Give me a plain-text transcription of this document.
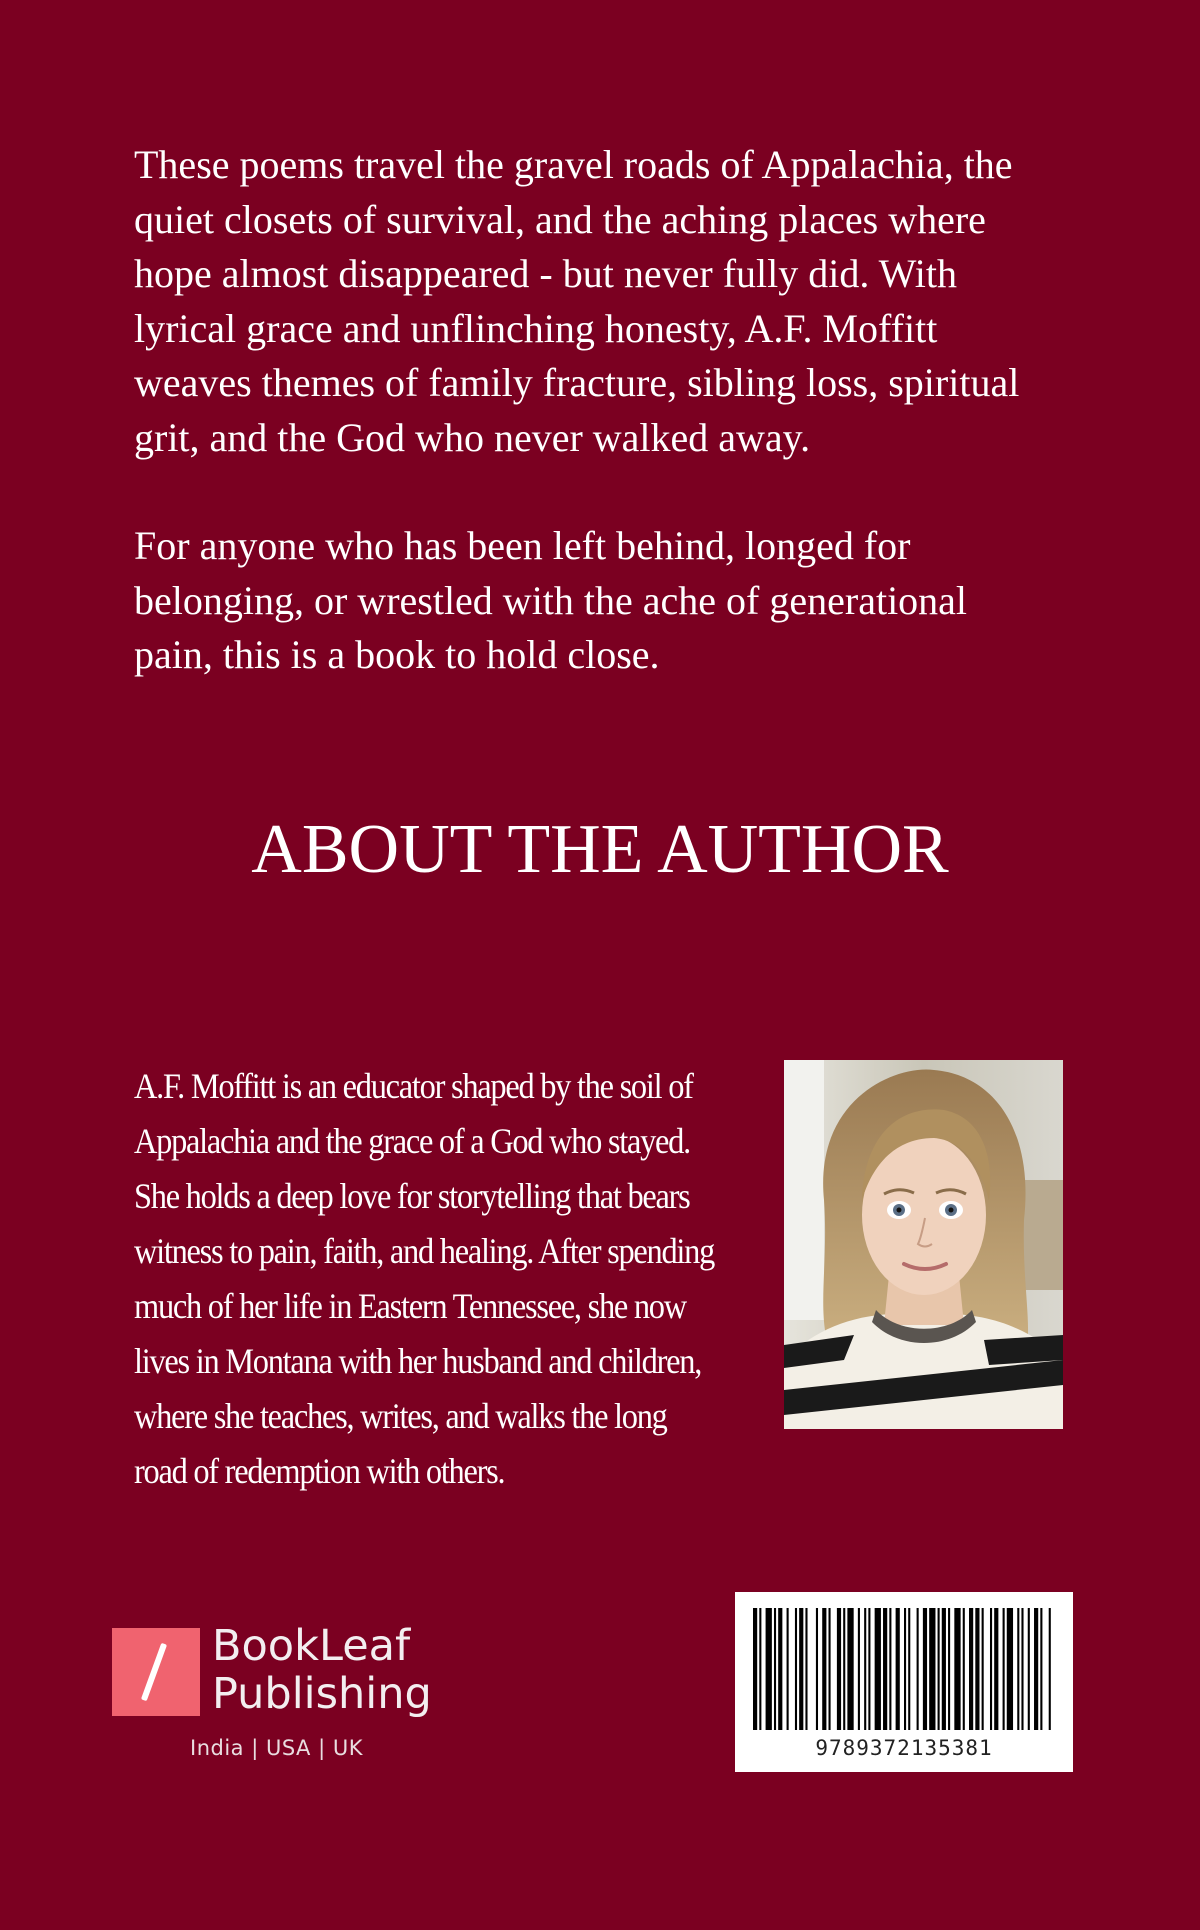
These poems travel the gravel roads of Appalachia, the quiet closets of survival, and the aching places where hope almost disappeared - but never fully did. With lyrical grace and unflinching honesty, A.F. Moffitt weaves themes of family fracture, sibling loss, spiritual grit, and the God who never walked away.

For anyone who has been left behind, longed for belonging, or wrestled with the ache of generational pain, this is a book to hold close.

ABOUT THE AUTHOR
A.F. Moffitt is an educator shaped by the soil of Appalachia and the grace of a God who stayed. She holds a deep love for storytelling that bears witness to pain, faith, and healing. After spending much of her life in Eastern Tennessee, she now lives in Montana with her husband and children, where she teaches, writes, and walks the long road of redemption with others.
BookLeaf
Publishing
India | USA | UK	9789372135381
